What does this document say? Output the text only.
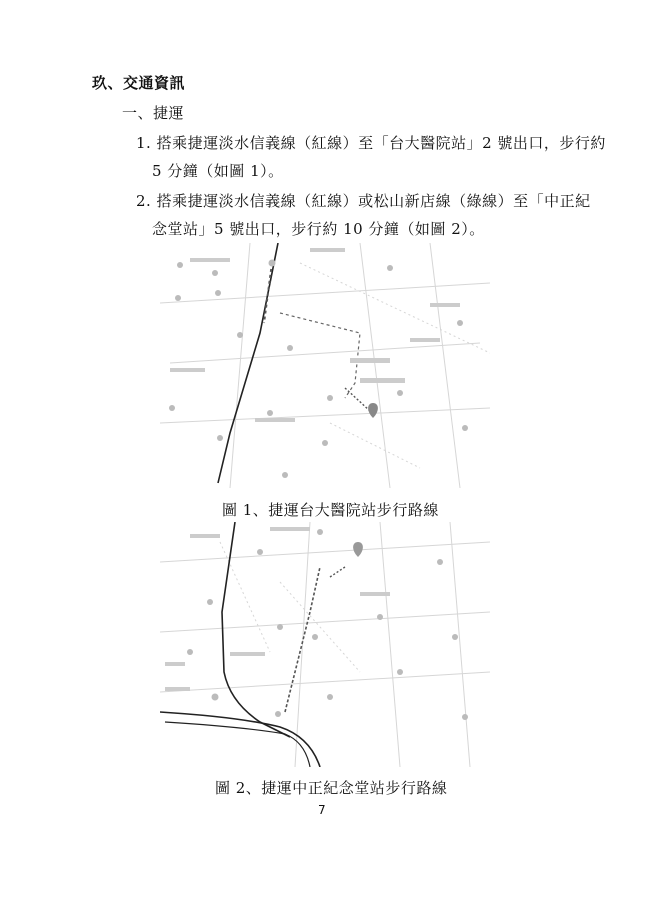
玖、交通資訊
一、捷運
1. 搭乘捷運淡水信義線（紅線）至「台大醫院站」2 號出口，步行約
5 分鐘（如圖 1）。
2. 搭乘捷運淡水信義線（紅線）或松山新店線（綠線）至「中正紀
念堂站」5 號出口，步行約 10 分鐘（如圖 2）。
圖 1、捷運台大醫院站步行路線
圖 2、捷運中正紀念堂站步行路線
7
